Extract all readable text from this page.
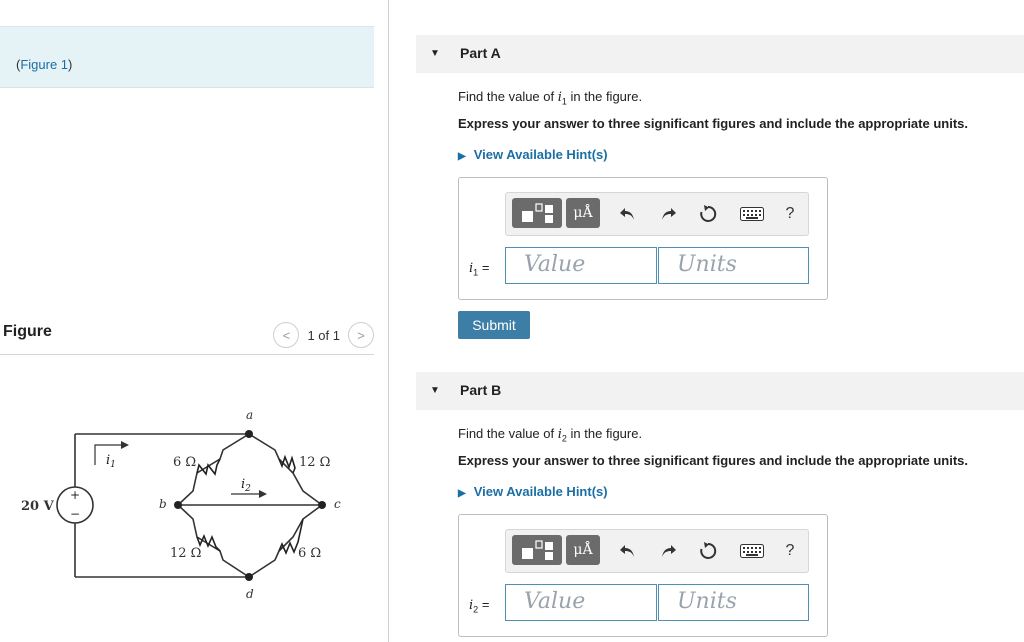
(Figure 1)
Figure	<	1 of 1	>
+
−
20 V
$i_1$
$i_2$
6 Ω	12 Ω
12 Ω	6 Ω
a
b	c
d
▼ Part A
Find the value of $i_1$ in the figure.
Express your answer to three significant figures and include the appropriate units.
▶ View Available Hint(s)
μÅ	?
$i_1$ =	Value	Units
Submit
▼ Part B
Find the value of $i_2$ in the figure.
Express your answer to three significant figures and include the appropriate units.
▶ View Available Hint(s)
μÅ	?
$i_2$ =	Value	Units
